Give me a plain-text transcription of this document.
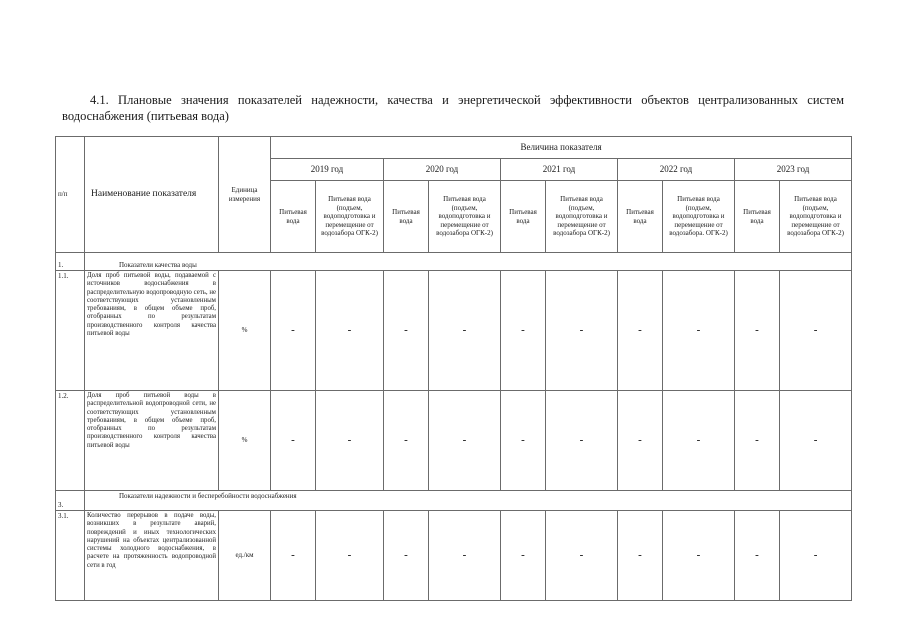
4.1. Плановые значения показателей надежности, качества и энергетической эффективности объектов централизованных систем водоснабжения (питьевая вода)
п/п	Наименование показателя	Единица измерения	Величина показателя									
			2019 год		2020 год		2021 год		2022 год		2023 год	
			Питьевая вода	Питьевая вода (подъем, водоподготовка и перемещение от водозабора ОГК-2)	Питьевая вода	Питьевая вода (подъем, водоподготовка и перемещение от водозабора ОГК-2)	Питьевая вода	Питьевая вода (подъем, водоподготовка и перемещение от водозабора ОГК-2)	Питьевая вода	Питьевая вода (подъем, водоподготовка и перемещение от водозабора. ОГК-2)	Питьевая вода	Питьевая вода (подъем, водоподготовка и перемещение от водозабора ОГК-2)
1.	Показатели качества воды											
1.1.	Доля проб питьевой воды, подаваемой с источников водоснабжения в распределительную водопроводную сеть, не соответствующих установленным требованиям, в общем объеме проб, отобранных по результатам производственного контроля качества питьевой воды	%	-	-	-	-	-	-	-	-	-	-
1.2.	Доля проб питьевой воды в распределительной водопроводной сети, не соответствующих установленным требованиям, в общем объеме проб, отобранных по результатам производственного контроля качества питьевой воды	%	-	-	-	-	-	-	-	-	-	-
3.	Показатели надежности и бесперебойности водоснабжения											
3.1.	Количество перерывов в подаче воды, возникших в результате аварий, повреждений и иных технологических нарушений на объектах централизованной системы холодного водоснабжения, в расчете на протяженность водопроводной сети в год	ед./км	-	-	-	-	-	-	-	-	-	-
